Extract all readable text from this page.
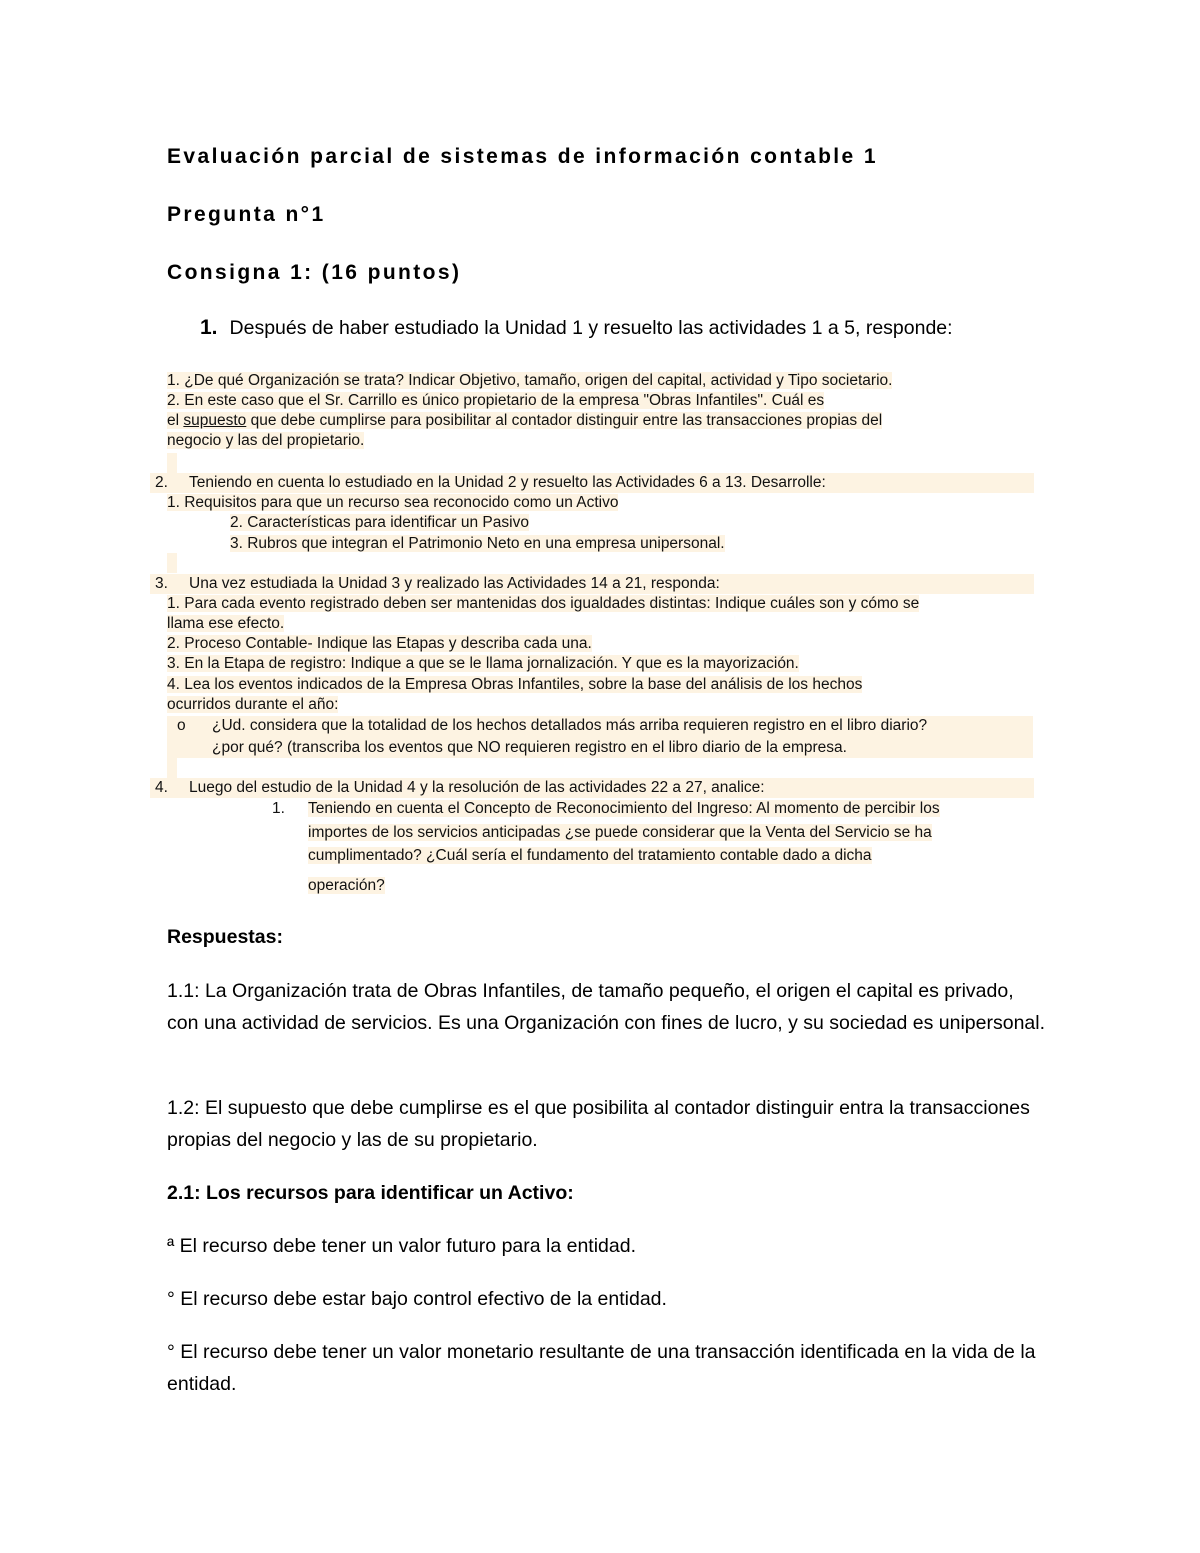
Evaluación parcial de sistemas de información contable 1
Pregunta n°1
Consigna 1: (16 puntos)

1. Después de haber estudiado la Unidad 1 y resuelto las actividades 1 a 5, responde:

1. ¿De qué Organización se trata? Indicar Objetivo, tamaño, origen del capital, actividad y Tipo societario.
2. En este caso que el Sr. Carrillo es único propietario de la empresa "Obras Infantiles". Cuál es
el supuesto que debe cumplirse para posibilitar al contador distinguir entre las transacciones propias del
negocio y las del propietario.
2. Teniendo en cuenta lo estudiado en la Unidad 2 y resuelto las Actividades 6 a 13. Desarrolle:
1. Requisitos para que un recurso sea reconocido como un Activo
2. Características para identificar un Pasivo
3. Rubros que integran el Patrimonio Neto en una empresa unipersonal.
3. Una vez estudiada la Unidad 3 y realizado las Actividades 14 a 21, responda:
1. Para cada evento registrado deben ser mantenidas dos igualdades distintas: Indique cuáles son y cómo se
llama ese efecto.
2. Proceso Contable- Indique las Etapas y describa cada una.
3. En la Etapa de registro: Indique a que se le llama jornalización. Y que es la mayorización.
4. Lea los eventos indicados de la Empresa Obras Infantiles, sobre la base del análisis de los hechos
ocurridos durante el año:
o ¿Ud. considera que la totalidad de los hechos detallados más arriba requieren registro en el libro diario?
¿por qué? (transcriba los eventos que NO requieren registro en el libro diario de la empresa.
4. Luego del estudio de la Unidad 4 y la resolución de las actividades 22 a 27, analice:
1. Teniendo en cuenta el Concepto de Reconocimiento del Ingreso: Al momento de percibir los
importes de los servicios anticipadas ¿se puede considerar que la Venta del Servicio se ha
cumplimentado? ¿Cuál sería el fundamento del tratamiento contable dado a dicha
operación?

Respuestas:

1.1: La Organización trata de Obras Infantiles, de tamaño pequeño, el origen el capital es privado, con una actividad de servicios. Es una Organización con fines de lucro, y su sociedad es unipersonal.

1.2: El supuesto que debe cumplirse es el que posibilita al contador distinguir entra la transacciones propias del negocio y las de su propietario.

2.1: Los recursos para identificar un Activo:

ª El recurso debe tener un valor futuro para la entidad.

° El recurso debe estar bajo control efectivo de la entidad.

° El recurso debe tener un valor monetario resultante de una transacción identificada en la vida de la entidad.
